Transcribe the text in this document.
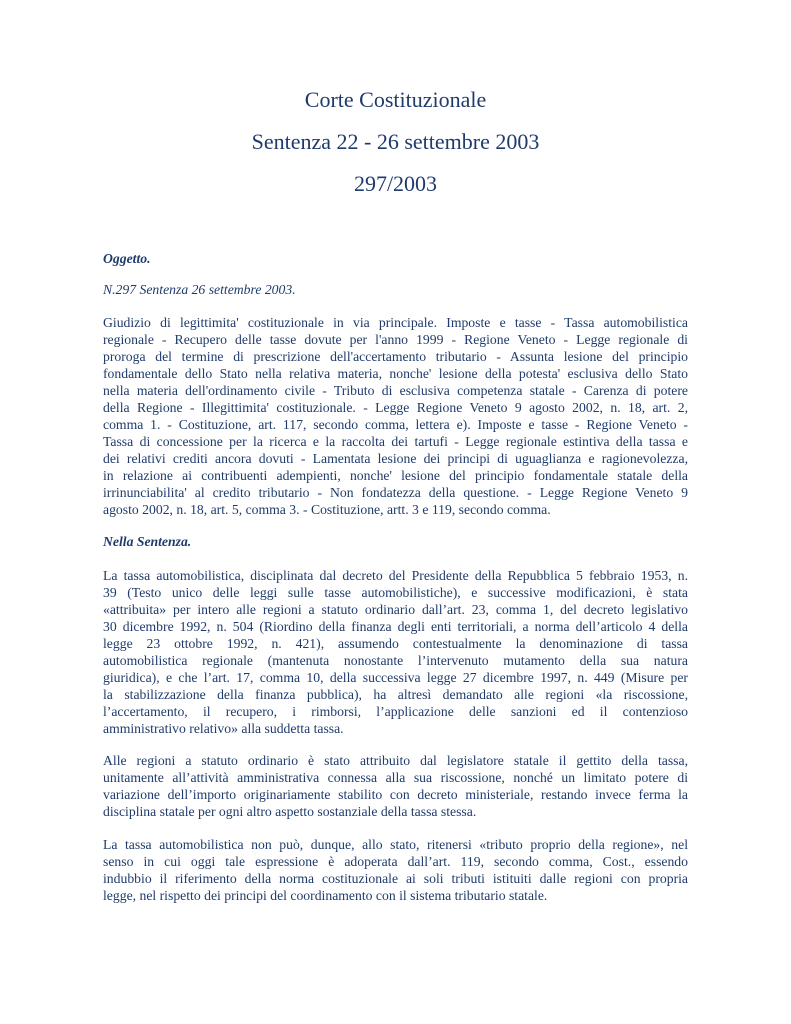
Corte Costituzionale
Sentenza 22 - 26 settembre 2003
297/2003
Oggetto.
N.297 Sentenza 26 settembre 2003.
Giudizio di legittimita' costituzionale in via principale. Imposte e tasse - Tassa automobilistica
regionale - Recupero delle tasse dovute per l'anno 1999 - Regione Veneto - Legge regionale di
proroga del termine di prescrizione dell'accertamento tributario - Assunta lesione del principio
fondamentale dello Stato nella relativa materia, nonche' lesione della potesta' esclusiva dello Stato
nella materia dell'ordinamento civile - Tributo di esclusiva competenza statale - Carenza di potere
della Regione - Illegittimita' costituzionale. - Legge Regione Veneto 9 agosto 2002, n. 18, art. 2,
comma 1. - Costituzione, art. 117, secondo comma, lettera e). Imposte e tasse - Regione Veneto -
Tassa di concessione per la ricerca e la raccolta dei tartufi - Legge regionale estintiva della tassa e
dei relativi crediti ancora dovuti - Lamentata lesione dei principi di uguaglianza e ragionevolezza,
in relazione ai contribuenti adempienti, nonche' lesione del principio fondamentale statale della
irrinunciabilita' al credito tributario - Non fondatezza della questione. - Legge Regione Veneto 9
agosto 2002, n. 18, art. 5, comma 3. - Costituzione, artt. 3 e 119, secondo comma.
Nella Sentenza.
La tassa automobilistica, disciplinata dal decreto del Presidente della Repubblica 5 febbraio 1953, n.
39 (Testo unico delle leggi sulle tasse automobilistiche), e successive modificazioni, è stata
«attribuita» per intero alle regioni a statuto ordinario dall’art. 23, comma 1, del decreto legislativo
30 dicembre 1992, n. 504 (Riordino della finanza degli enti territoriali, a norma dell’articolo 4 della
legge 23 ottobre 1992, n. 421), assumendo contestualmente la denominazione di tassa
automobilistica regionale (mantenuta nonostante l’intervenuto mutamento della sua natura
giuridica), e che l’art. 17, comma 10, della successiva legge 27 dicembre 1997, n. 449 (Misure per
la stabilizzazione della finanza pubblica), ha altresì demandato alle regioni «la riscossione,
l’accertamento, il recupero, i rimborsi, l’applicazione delle sanzioni ed il contenzioso
amministrativo relativo» alla suddetta tassa.
Alle regioni a statuto ordinario è stato attribuito dal legislatore statale il gettito della tassa,
unitamente all’attività amministrativa connessa alla sua riscossione, nonché un limitato potere di
variazione dell’importo originariamente stabilito con decreto ministeriale, restando invece ferma la
disciplina statale per ogni altro aspetto sostanziale della tassa stessa.
La tassa automobilistica non può, dunque, allo stato, ritenersi «tributo proprio della regione», nel
senso in cui oggi tale espressione è adoperata dall’art. 119, secondo comma, Cost., essendo
indubbio il riferimento della norma costituzionale ai soli tributi istituiti dalle regioni con propria
legge, nel rispetto dei principi del coordinamento con il sistema tributario statale.
